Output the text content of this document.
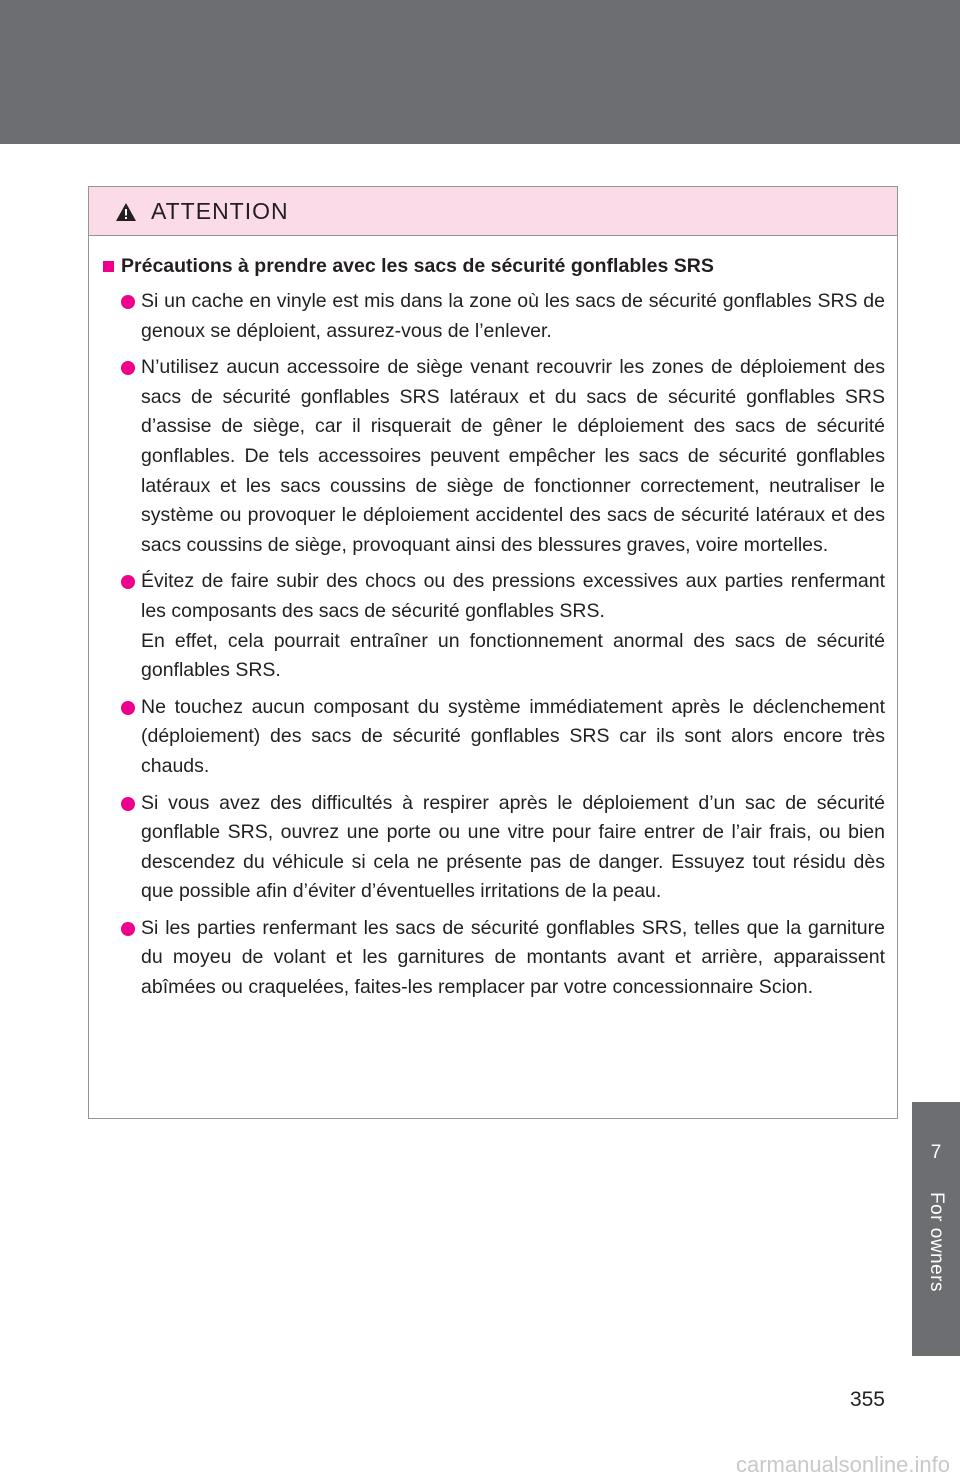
7
For owners
ATTENTION
Précautions à prendre avec les sacs de sécurité gonflables SRS

Si un cache en vinyle est mis dans la zone où les sacs de sécurité gonflables SRS de genoux se déploient, assurez-vous de l’enlever.

N’utilisez aucun accessoire de siège venant recouvrir les zones de déploiement des sacs de sécurité gonflables SRS latéraux et du sacs de sécurité gonflables SRS d’assise de siège, car il risquerait de gêner le déploiement des sacs de sécurité gonflables. De tels accessoires peuvent empêcher les sacs de sécurité gonflables latéraux et les sacs coussins de siège de fonctionner correctement, neutraliser le système ou provoquer le déploiement accidentel des sacs de sécurité latéraux et des sacs coussins de siège, provoquant ainsi des blessures graves, voire mortelles.

Évitez de faire subir des chocs ou des pressions excessives aux parties renfermant les composants des sacs de sécurité gonflables SRS.

En effet, cela pourrait entraîner un fonctionnement anormal des sacs de sécurité gonflables SRS.

Ne touchez aucun composant du système immédiatement après le déclenchement (déploiement) des sacs de sécurité gonflables SRS car ils sont alors encore très chauds.

Si vous avez des difficultés à respirer après le déploiement d’un sac de sécurité gonflable SRS, ouvrez une porte ou une vitre pour faire entrer de l’air frais, ou bien descendez du véhicule si cela ne présente pas de danger. Essuyez tout résidu dès que possible afin d’éviter d’éventuelles irritations de la peau.

Si les parties renfermant les sacs de sécurité gonflables SRS, telles que la garniture du moyeu de volant et les garnitures de montants avant et arrière, apparaissent abîmées ou craquelées, faites-les remplacer par votre concessionnaire Scion.

355
carmanualsonline.info
